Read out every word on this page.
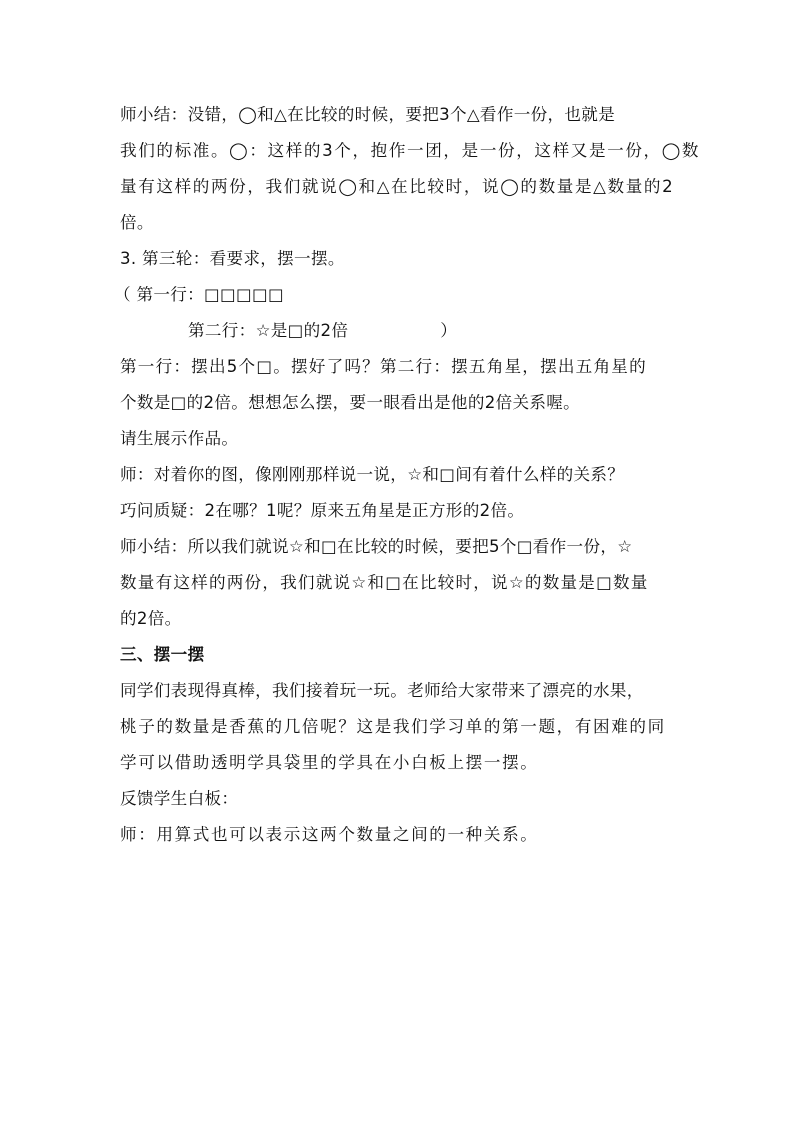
师小结：没错，◯和△在比较的时候，要把3个△看作一份，也就是
我们的标准。◯：这样的3个，抱作一团，是一份，这样又是一份，◯数
量有这样的两份，我们就说◯和△在比较时，说◯的数量是△数量的2
倍。
3. 第三轮：看要求，摆一摆。
（ 第一行：□□□□□
第二行：☆是□的2倍	）
第一行：摆出5个□。摆好了吗？第二行：摆五角星，摆出五角星的
个数是□的2倍。想想怎么摆，要一眼看出是他的2倍关系喔。
请生展示作品。
师：对着你的图，像刚刚那样说一说，☆和□间有着什么样的关系？
巧问质疑：2在哪？1呢？原来五角星是正方形的2倍。
师小结：所以我们就说☆和□在比较的时候，要把5个□看作一份，☆
数量有这样的两份，我们就说☆和□在比较时，说☆的数量是□数量
的2倍。
三、摆一摆
同学们表现得真棒，我们接着玩一玩。老师给大家带来了漂亮的水果，
桃子的数量是香蕉的几倍呢？这是我们学习单的第一题，有困难的同
学可以借助透明学具袋里的学具在小白板上摆一摆。
反馈学生白板：
师：用算式也可以表示这两个数量之间的一种关系。
